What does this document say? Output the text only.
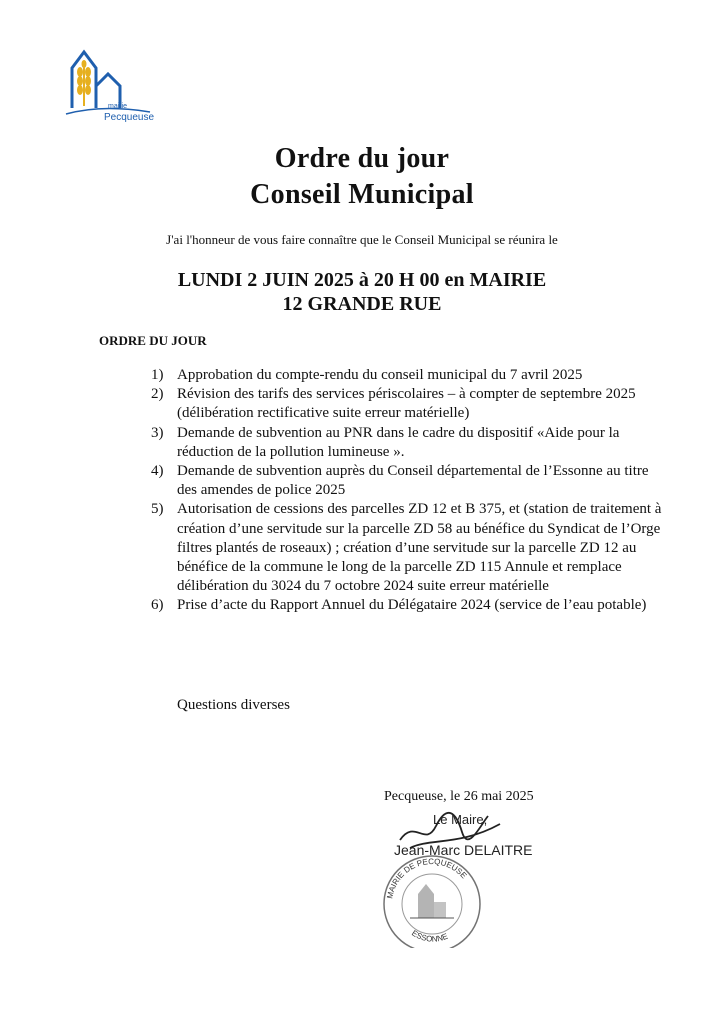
mairie
Pecqueuse
Ordre du jour
Conseil Municipal
J'ai l'honneur de vous faire connaître que le Conseil Municipal se réunira le
LUNDI 2 JUIN 2025 à 20 H 00 en MAIRIE
12 GRANDE RUE
ORDRE DU JOUR
1) Approbation du compte-rendu du conseil municipal du 7 avril 2025
2) Révision des tarifs des services périscolaires – à compter de septembre 2025 (délibération rectificative suite erreur matérielle)
3) Demande de subvention au PNR dans le cadre du dispositif «Aide pour la réduction de la pollution lumineuse ».
4) Demande de subvention auprès du Conseil départemental de l’Essonne au titre des amendes de police 2025
5) Autorisation de cessions des parcelles ZD 12 et B 375, et (station de traitement à création d’une servitude sur la parcelle ZD 58 au bénéfice du Syndicat de l’Orge filtres plantés de roseaux) ; création d’une servitude sur la parcelle ZD 12 au bénéfice de la commune le long de la parcelle ZD 115 Annule et remplace délibération du 3024 du 7 octobre 2024 suite erreur matérielle
6) Prise d’acte du Rapport Annuel du Délégataire 2024 (service de l’eau potable)
Questions diverses
Pecqueuse, le 26 mai 2025
MAIRIE DE PECQUEUSE
ESSONNE
Le Maire,
Jean-Marc DELAITRE
